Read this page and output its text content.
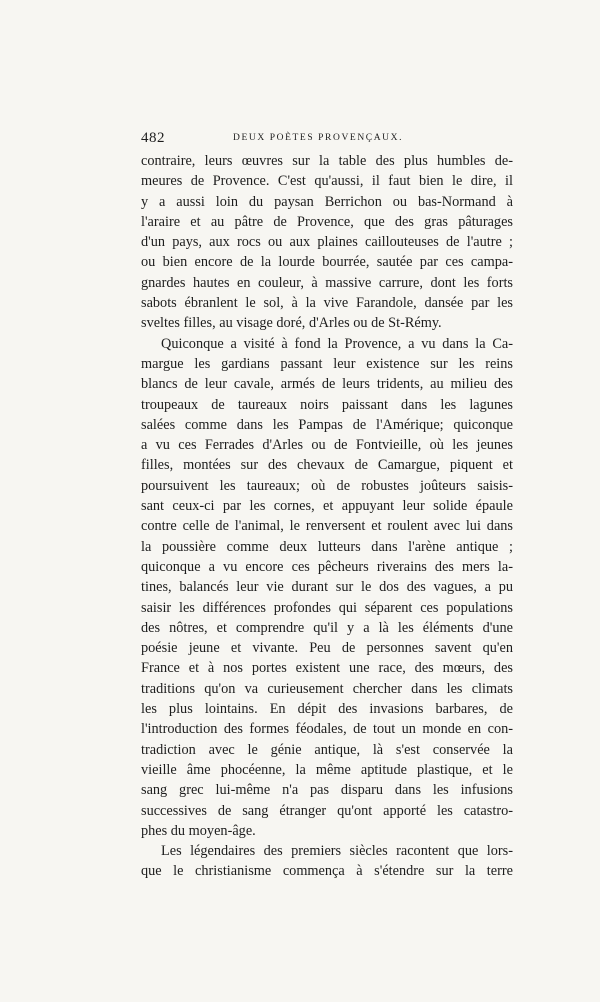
482	DEUX POÈTES PROVENÇAUX.
contraire, leurs œuvres sur la table des plus humbles de-
meures de Provence. C'est qu'aussi, il faut bien le dire, il
y a aussi loin du paysan Berrichon ou bas-Normand à
l'araire et au pâtre de Provence, que des gras pâturages
d'un pays, aux rocs ou aux plaines caillouteuses de l'autre ;
ou bien encore de la lourde bourrée, sautée par ces campa-
gnardes hautes en couleur, à massive carrure, dont les forts
sabots ébranlent le sol, à la vive Farandole, dansée par les
sveltes filles, au visage doré, d'Arles ou de St-Rémy.
Quiconque a visité à fond la Provence, a vu dans la Ca-
margue les gardians passant leur existence sur les reins
blancs de leur cavale, armés de leurs tridents, au milieu des
troupeaux de taureaux noirs paissant dans les lagunes
salées comme dans les Pampas de l'Amérique; quiconque
a vu ces Ferrades d'Arles ou de Fontvieille, où les jeunes
filles, montées sur des chevaux de Camargue, piquent et
poursuivent les taureaux; où de robustes joûteurs saisis-
sant ceux-ci par les cornes, et appuyant leur solide épaule
contre celle de l'animal, le renversent et roulent avec lui dans
la poussière comme deux lutteurs dans l'arène antique ;
quiconque a vu encore ces pêcheurs riverains des mers la-
tines, balancés leur vie durant sur le dos des vagues, a pu
saisir les différences profondes qui séparent ces populations
des nôtres, et comprendre qu'il y a là les éléments d'une
poésie jeune et vivante. Peu de personnes savent qu'en
France et à nos portes existent une race, des mœurs, des
traditions qu'on va curieusement chercher dans les climats
les plus lointains. En dépit des invasions barbares, de
l'introduction des formes féodales, de tout un monde en con-
tradiction avec le génie antique, là s'est conservée la
vieille âme phocéenne, la même aptitude plastique, et le
sang grec lui-même n'a pas disparu dans les infusions
successives de sang étranger qu'ont apporté les catastro-
phes du moyen-âge.
Les légendaires des premiers siècles racontent que lors-
que le christianisme commença à s'étendre sur la terre
